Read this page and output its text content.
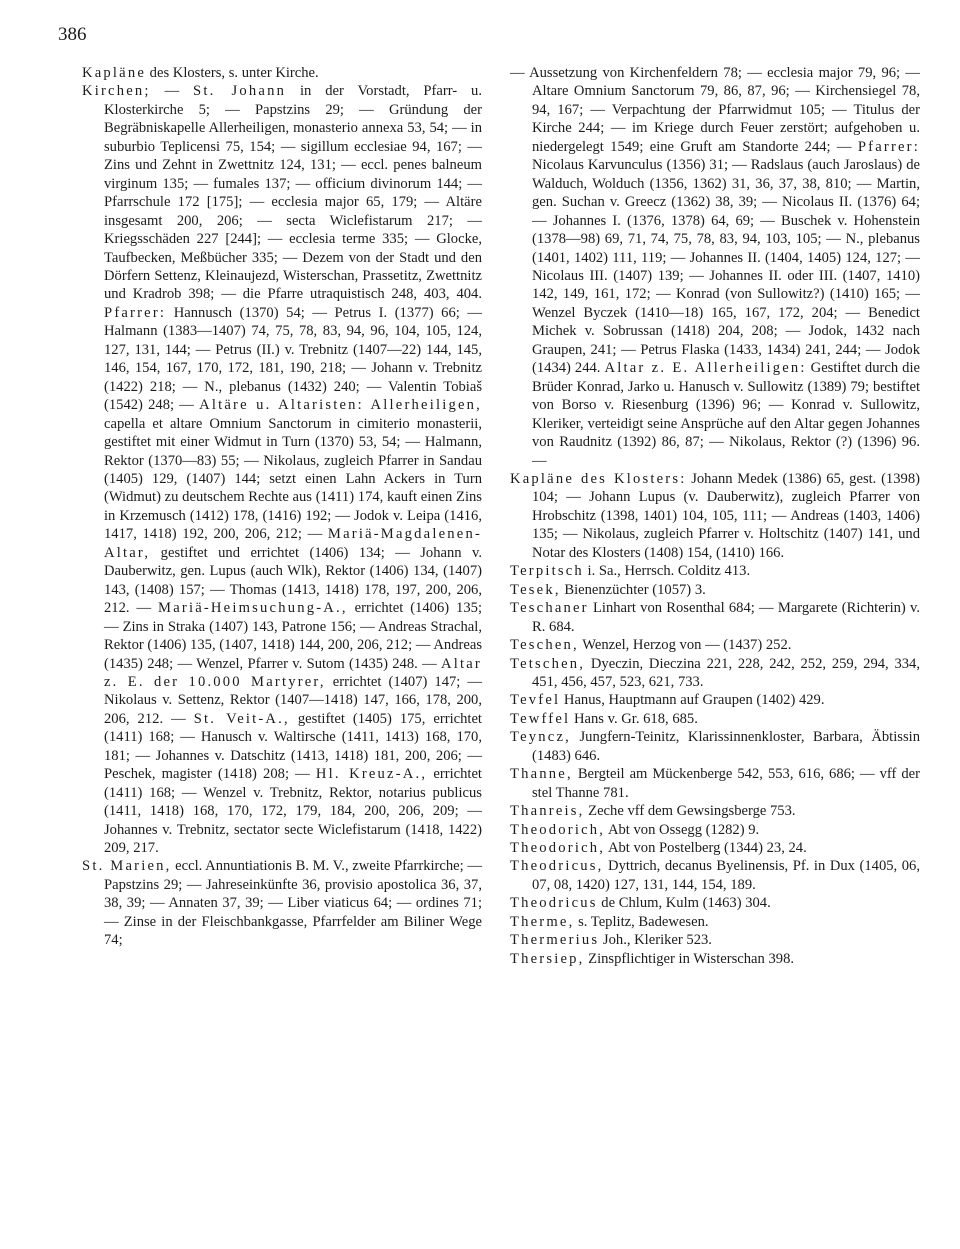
386

Kapläne des Klosters, s. unter Kirche.

Kirchen; — St. Johann in der Vorstadt, Pfarr- u. Klosterkirche 5; — Papstzins 29; — Gründung der Begräbniskapelle Allerheiligen, monasterio annexa 53, 54; — in suburbio Teplicensi 75, 154; — sigillum ecclesiae 94, 167; — Zins und Zehnt in Zwettnitz 124, 131; — eccl. penes balneum virginum 135; — fumales 137; — officium divinorum 144; — Pfarrschule 172 [175]; — ecclesia major 65, 179; — Altäre insgesamt 200, 206; — secta Wiclefistarum 217; — Kriegsschäden 227 [244]; — ecclesia terme 335; — Glocke, Taufbecken, Meßbücher 335; — Dezem von der Stadt und den Dörfern Settenz, Kleinaujezd, Wisterschan, Prassetitz, Zwettnitz und Kradrob 398; — die Pfarre utraquistisch 248, 403, 404. Pfarrer: Hannusch (1370) 54; — Petrus I. (1377) 66; — Halmann (1383—1407) 74, 75, 78, 83, 94, 96, 104, 105, 124, 127, 131, 144; — Petrus (II.) v. Trebnitz (1407—22) 144, 145, 146, 154, 167, 170, 172, 181, 190, 218; — Johann v. Trebnitz (1422) 218; — N., plebanus (1432) 240; — Valentin Tobiaš (1542) 248; — Altäre u. Altaristen: Allerheiligen, capella et altare Omnium Sanctorum in cimiterio monasterii, gestiftet mit einer Widmut in Turn (1370) 53, 54; — Halmann, Rektor (1370—83) 55; — Nikolaus, zugleich Pfarrer in Sandau (1405) 129, (1407) 144; setzt einen Lahn Ackers in Turn (Widmut) zu deutschem Rechte aus (1411) 174, kauft einen Zins in Krzemusch (1412) 178, (1416) 192; — Jodok v. Leipa (1416, 1417, 1418) 192, 200, 206, 212; — Mariä-Magdalenen-Altar, gestiftet und errichtet (1406) 134; — Johann v. Dauberwitz, gen. Lupus (auch Wlk), Rektor (1406) 134, (1407) 143, (1408) 157; — Thomas (1413, 1418) 178, 197, 200, 206, 212. — Mariä-Heimsuchung-A., errichtet (1406) 135; — Zins in Straka (1407) 143, Patrone 156; — Andreas Strachal, Rektor (1406) 135, (1407, 1418) 144, 200, 206, 212; — Andreas (1435) 248; — Wenzel, Pfarrer v. Sutom (1435) 248. — Altar z. E. der 10.000 Martyrer, errichtet (1407) 147; — Nikolaus v. Settenz, Rektor (1407—1418) 147, 166, 178, 200, 206, 212. — St. Veit-A., gestiftet (1405) 175, errichtet (1411) 168; — Hanusch v. Waltirsche (1411, 1413) 168, 170, 181; — Johannes v. Datschitz (1413, 1418) 181, 200, 206; — Peschek, magister (1418) 208; — Hl. Kreuz-A., errichtet (1411) 168; — Wenzel v. Trebnitz, Rektor, notarius publicus (1411, 1418) 168, 170, 172, 179, 184, 200, 206, 209; — Johannes v. Trebnitz, sectator secte Wiclefistarum (1418, 1422) 209, 217.

St. Marien, eccl. Annuntiationis B. M. V., zweite Pfarrkirche; — Papstzins 29; — Jahreseinkünfte 36, provisio apostolica 36, 37, 38, 39; — Annaten 37, 39; — Liber viaticus 64; — ordines 71; — Zinse in der Fleischbankgasse, Pfarrfelder am Biliner Wege 74;

— Aussetzung von Kirchenfeldern 78; — ecclesia major 79, 96; — Altare Omnium Sanctorum 79, 86, 87, 96; — Kirchensiegel 78, 94, 167; — Verpachtung der Pfarrwidmut 105; — Titulus der Kirche 244; — im Kriege durch Feuer zerstört; aufgehoben u. niedergelegt 1549; eine Gruft am Standorte 244; — Pfarrer: Nicolaus Karvunculus (1356) 31; — Radslaus (auch Jaroslaus) de Walduch, Wolduch (1356, 1362) 31, 36, 37, 38, 810; — Martin, gen. Suchan v. Greecz (1362) 38, 39; — Nicolaus II. (1376) 64; — Johannes I. (1376, 1378) 64, 69; — Buschek v. Hohenstein (1378—98) 69, 71, 74, 75, 78, 83, 94, 103, 105; — N., plebanus (1401, 1402) 111, 119; — Johannes II. (1404, 1405) 124, 127; — Nicolaus III. (1407) 139; — Johannes II. oder III. (1407, 1410) 142, 149, 161, 172; — Konrad (von Sullowitz?) (1410) 165; — Wenzel Byczek (1410—18) 165, 167, 172, 204; — Benedict Michek v. Sobrussan (1418) 204, 208; — Jodok, 1432 nach Graupen, 241; — Petrus Flaska (1433, 1434) 241, 244; — Jodok (1434) 244. Altar z. E. Allerheiligen: Gestiftet durch die Brüder Konrad, Jarko u. Hanusch v. Sullowitz (1389) 79; bestiftet von Borso v. Riesenburg (1396) 96; — Konrad v. Sullowitz, Kleriker, verteidigt seine Ansprüche auf den Altar gegen Johannes von Raudnitz (1392) 86, 87; — Nikolaus, Rektor (?) (1396) 96. —

Kapläne des Klosters: Johann Medek (1386) 65, gest. (1398) 104; — Johann Lupus (v. Dauberwitz), zugleich Pfarrer von Hrobschitz (1398, 1401) 104, 105, 111; — Andreas (1403, 1406) 135; — Nikolaus, zugleich Pfarrer v. Holtschitz (1407) 141, und Notar des Klosters (1408) 154, (1410) 166.

Terpitsch i. Sa., Herrsch. Colditz 413.

Tesek, Bienenzüchter (1057) 3.

Teschaner Linhart von Rosenthal 684; — Margarete (Richterin) v. R. 684.

Teschen, Wenzel, Herzog von — (1437) 252.

Tetschen, Dyeczin, Dieczina 221, 228, 242, 252, 259, 294, 334, 451, 456, 457, 523, 621, 733.

Tevfel Hanus, Hauptmann auf Graupen (1402) 429.

Tewffel Hans v. Gr. 618, 685.

Teyncz, Jungfern-Teinitz, Klarissinnenkloster, Barbara, Äbtissin (1483) 646.

Thanne, Bergteil am Mückenberge 542, 553, 616, 686; — vff der stel Thanne 781.

Thanreis, Zeche vff dem Gewsingsberge 753.

Theodorich, Abt von Ossegg (1282) 9.

Theodorich, Abt von Postelberg (1344) 23, 24.

Theodricus, Dyttrich, decanus Byelinensis, Pf. in Dux (1405, 06, 07, 08, 1420) 127, 131, 144, 154, 189.

Theodricus de Chlum, Kulm (1463) 304.

Therme, s. Teplitz, Badewesen.

Thermerius Joh., Kleriker 523.

Thersiep, Zinspflichtiger in Wisterschan 398.
